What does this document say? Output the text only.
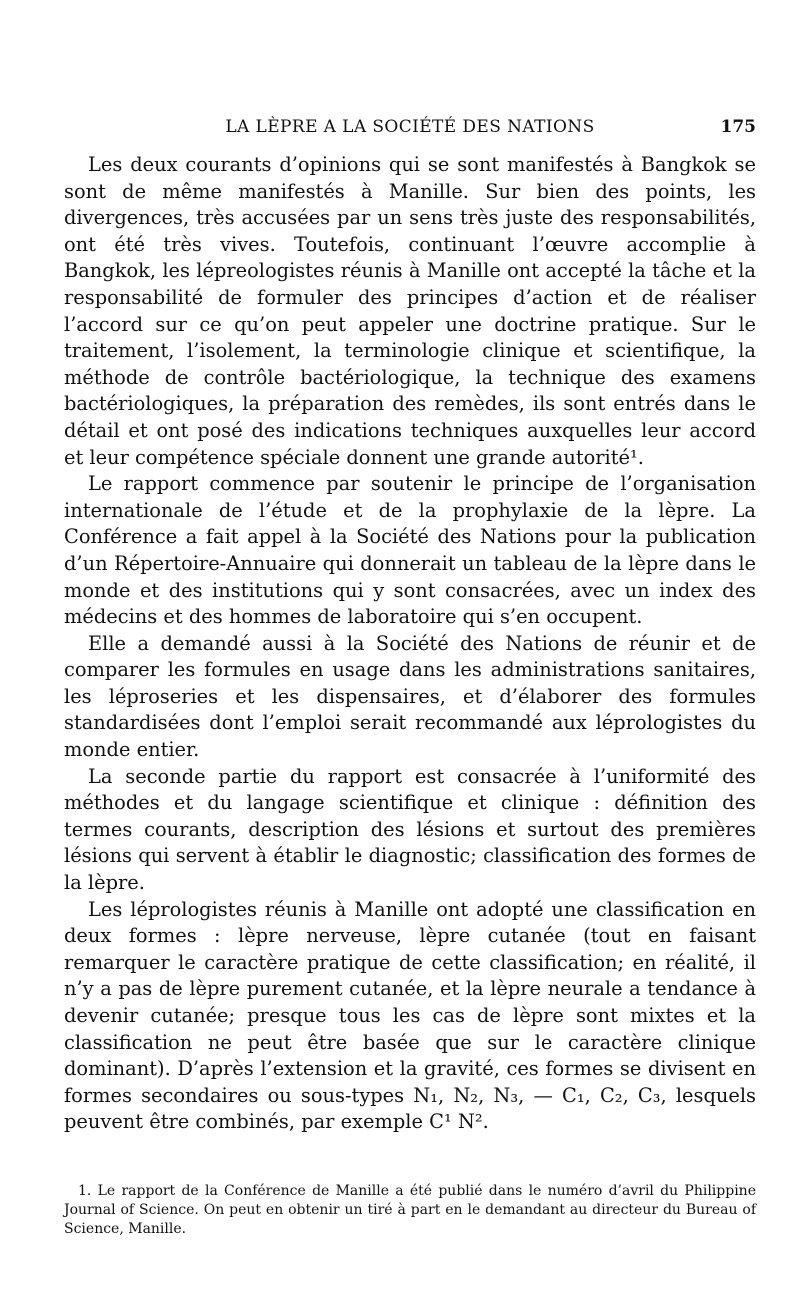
LA LÈPRE A LA SOCIÉTÉ DES NATIONS	175

Les deux courants d’opinions qui se sont manifestés à Bangkok se sont de même manifestés à Manille. Sur bien des points, les divergences, très accusées par un sens très juste des responsabilités, ont été très vives. Toutefois, continuant l’œuvre accomplie à Bangkok, les lépreologistes réunis à Manille ont accepté la tâche et la responsabilité de formuler des principes d’action et de réaliser l’accord sur ce qu’on peut appeler une doctrine pratique. Sur le traitement, l’isolement, la terminologie clinique et scientifique, la méthode de contrôle bactériologique, la technique des examens bactériologiques, la préparation des remèdes, ils sont entrés dans le détail et ont posé des indications techniques auxquelles leur accord et leur compétence spéciale donnent une grande autorité¹.

Le rapport commence par soutenir le principe de l’organisation internationale de l’étude et de la prophylaxie de la lèpre. La Conférence a fait appel à la Société des Nations pour la publication d’un Répertoire-Annuaire qui donnerait un tableau de la lèpre dans le monde et des institutions qui y sont consacrées, avec un index des médecins et des hommes de laboratoire qui s’en occupent.

Elle a demandé aussi à la Société des Nations de réunir et de comparer les formules en usage dans les administrations sanitaires, les léproseries et les dispensaires, et d’élaborer des formules standardisées dont l’emploi serait recommandé aux léprologistes du monde entier.

La seconde partie du rapport est consacrée à l’uniformité des méthodes et du langage scientifique et clinique : définition des termes courants, description des lésions et surtout des premières lésions qui servent à établir le diagnostic; classification des formes de la lèpre.

Les léprologistes réunis à Manille ont adopté une classification en deux formes : lèpre nerveuse, lèpre cutanée (tout en faisant remarquer le caractère pratique de cette classification; en réalité, il n’y a pas de lèpre purement cutanée, et la lèpre neurale a tendance à devenir cutanée; presque tous les cas de lèpre sont mixtes et la classification ne peut être basée que sur le caractère clinique dominant). D’après l’extension et la gravité, ces formes se divisent en formes secondaires ou sous-types N₁, N₂, N₃, — C₁, C₂, C₃, lesquels peuvent être combinés, par exemple C¹ N².

1. Le rapport de la Conférence de Manille a été publié dans le numéro d’avril du Philippine Journal of Science. On peut en obtenir un tiré à part en le demandant au directeur du Bureau of Science, Manille.
